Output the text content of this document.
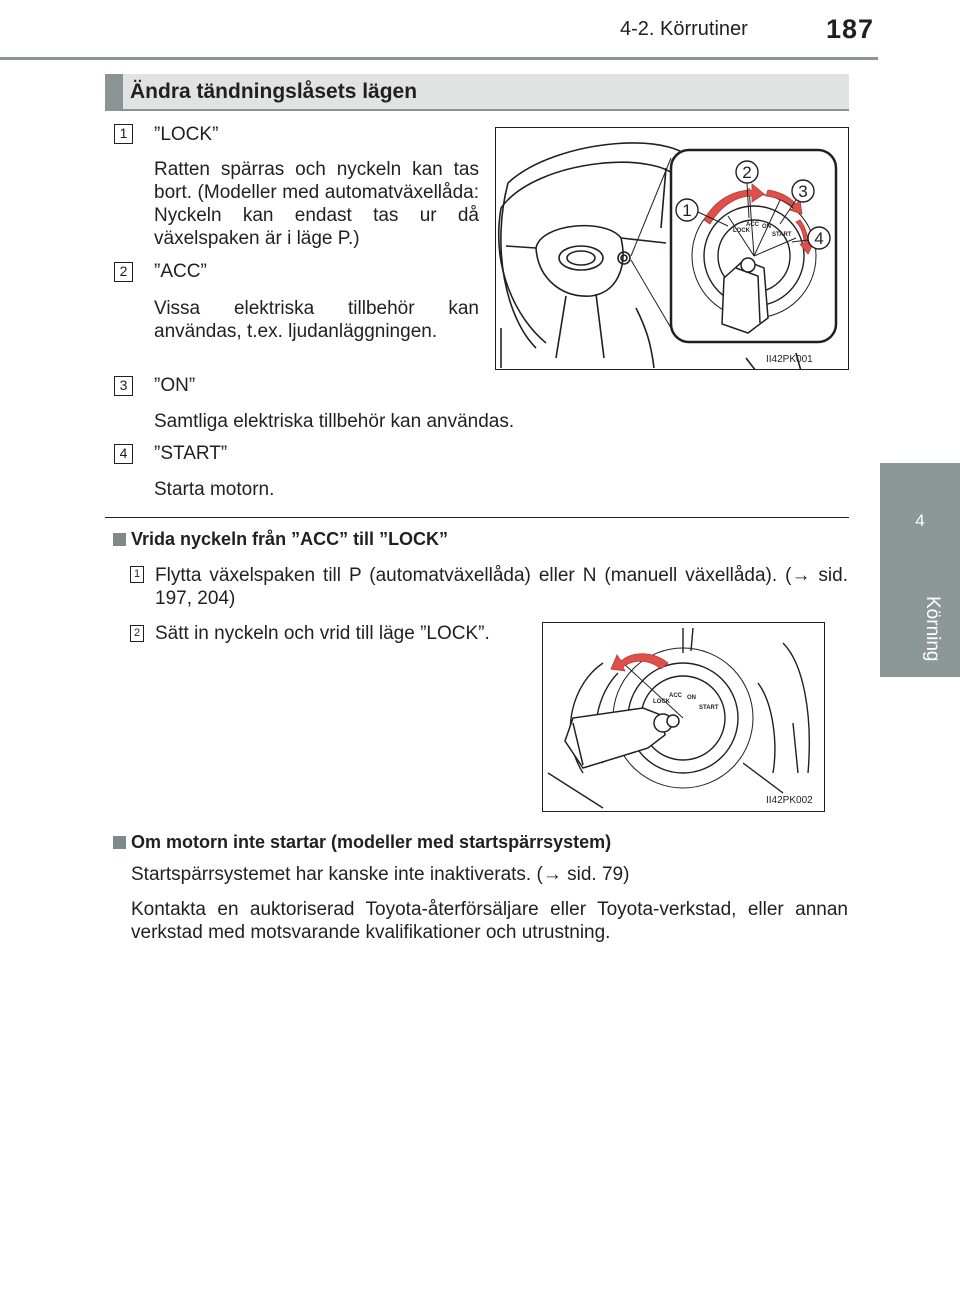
4-2. Körrutiner	187
4
Körning
Ändra tändningslåsets lägen
1 ”LOCK”
Ratten spärras och nyckeln kan tas bort. (Modeller med automatväxellåda: Nyckeln kan endast tas ur då växelspaken är i läge P.)
2 ”ACC”
Vissa elektriska tillbehör kan användas, t.ex. ljudanläggningen.
3 ”ON”
Samtliga elektriska tillbehör kan användas.
4 ”START”
Starta motorn.
LOCK
ACC ON
START
1
2
3
4
II42PK001
Vrida nyckeln från ”ACC” till ”LOCK”
1 Flytta växelspaken till P (automatväxellåda) eller N (manuell växellåda). (→ sid. 197, 204)
2 Sätt in nyckeln och vrid till läge ”LOCK”.
LOCK
ACC ON
START
II42PK002
Om motorn inte startar (modeller med startspärrsystem)
Startspärrsystemet har kanske inte inaktiverats. (→ sid. 79)
Kontakta en auktoriserad Toyota-återförsäljare eller Toyota-verkstad, eller annan verkstad med motsvarande kvalifikationer och utrustning.
